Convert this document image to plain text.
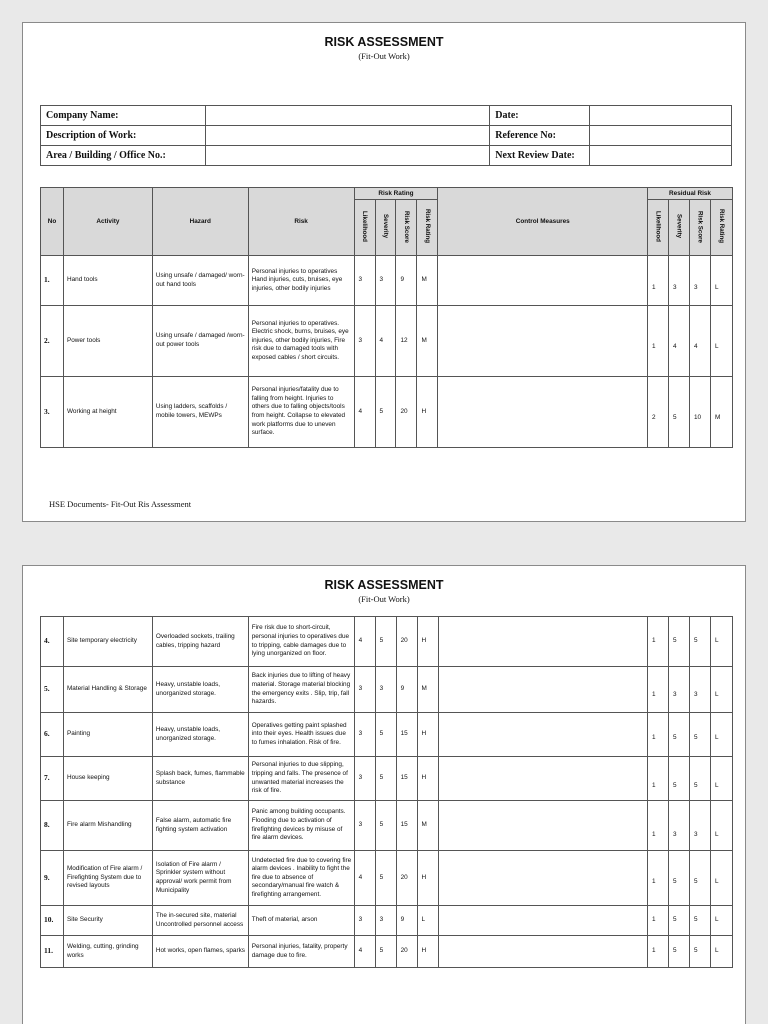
RISK ASSESSMENT
(Fit-Out Work)
Company Name:		Date:	
Description of Work:		Reference No:	
Area / Building / Office No.:		Next Review Date:	
No	Activity	Hazard	Risk	Risk Rating				Control Measures	Residual Risk			
				Likelihood	Severity	Risk Score	Risk Rating		Likelihood	Severity	Risk Score	Risk Rating
1.	Hand tools	Using unsafe / damaged/ worn-out hand tools	Personal injuries to operatives Hand injuries, cuts, bruises, eye injuries, other bodily injuries	3	3	9	M		1	3	3	L
2.	Power tools	Using unsafe / damaged /worn-out power tools	Personal injuries to operatives. Electric shock, burns, bruises, eye injuries, other bodily injuries, Fire risk due to damaged tools with exposed cables / short circuits.	3	4	12	M		1	4	4	L
3.	Working at height	Using ladders, scaffolds / mobile towers, MEWPs	Personal injuries/fatality due to falling from height. Injuries to others due to falling objects/tools from height. Collapse to elevated work platforms due to uneven surface.	4	5	20	H		2	5	10	M
HSE Documents- Fit-Out Ris Assessment
RISK ASSESSMENT
(Fit-Out Work)
4.	Site temporary electricity	Overloaded sockets, trailing cables, tripping hazard	Fire risk due to short-circuit, personal injuries to operatives due to tripping, cable damages due to lying unorganized on floor.	4	5	20	H		1	5	5	L
5.	Material Handling & Storage	Heavy, unstable loads, unorganized storage.	Back injuries due to lifting of heavy material. Storage material blocking the emergency exits . Slip, trip, fall hazards.	3	3	9	M		1	3	3	L
6.	Painting	Heavy, unstable loads, unorganized storage.	Operatives getting paint splashed into their eyes. Health issues due to fumes inhalation. Risk of fire.	3	5	15	H		1	5	5	L
7.	House keeping	Splash back, fumes, flammable substance	Personal injuries to due slipping, tripping and falls. The presence of unwanted material increases the risk of fire.	3	5	15	H		1	5	5	L
8.	Fire alarm Mishandling	False alarm, automatic fire fighting system activation	Panic among building occupants. Flooding due to activation of firefighting devices by misuse of fire alarm devices.	3	5	15	M		1	3	3	L
9.	Modification of Fire alarm / Firefighting System due to revised layouts	Isolation of Fire alarm / Sprinkler system without approval/ work permit from Municipality	Undetected fire due to covering fire alarm devices . Inability to fight the fire due to absence of secondary/manual fire watch & firefighting arrangement.	4	5	20	H		1	5	5	L
10.	Site Security	The in-secured site, material Uncontrolled personnel access	Theft of material, arson	3	3	9	L		1	5	5	L
11.	Welding, cutting, grinding works	Hot works, open flames, sparks	Personal injuries, fatality, property damage due to fire.	4	5	20	H		1	5	5	L
